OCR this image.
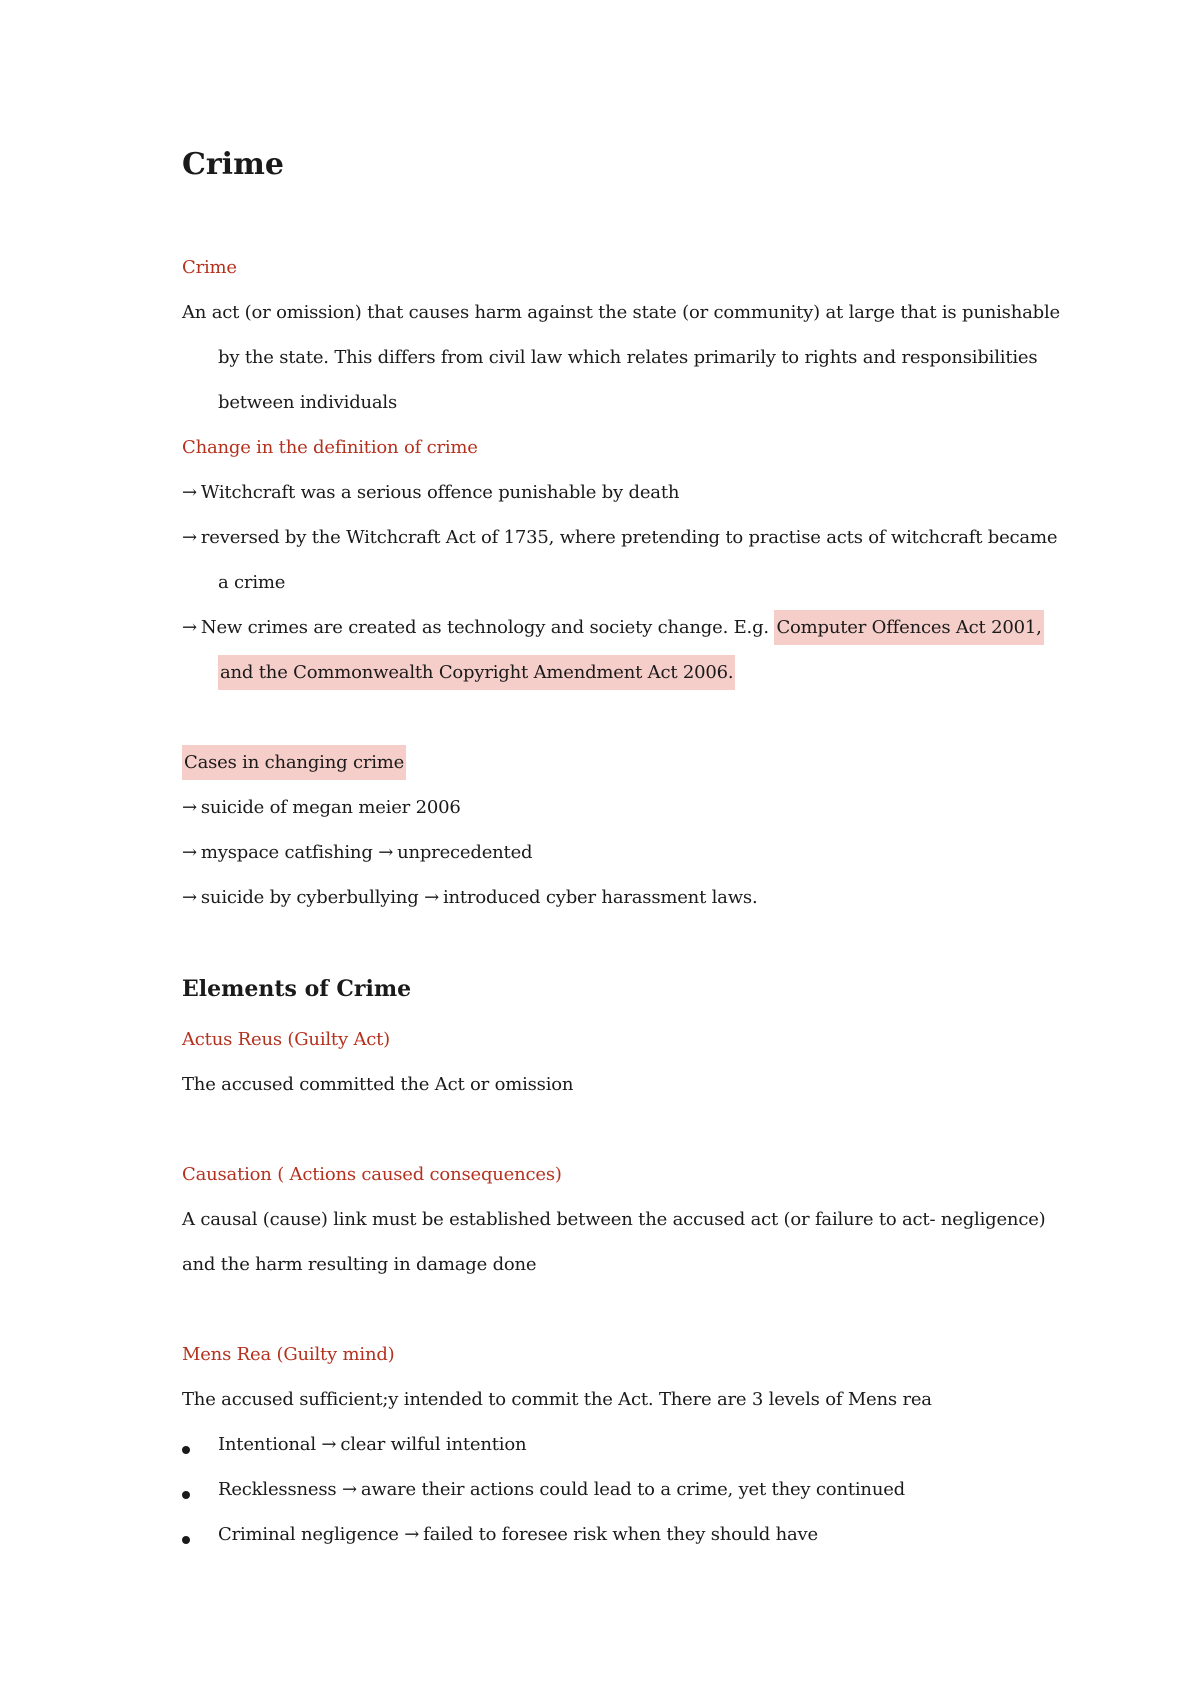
Crime
Crime
An act (or omission) that causes harm against the state (or community) at large that is punishable
by the state. This differs from civil law which relates primarily to rights and responsibilities
between individuals
Change in the definition of crime
→ Witchcraft was a serious offence punishable by death
→ reversed by the Witchcraft Act of 1735, where pretending to practise acts of witchcraft became
a crime
→ New crimes are created as technology and society change. E.g. Computer Offences Act 2001,
and the Commonwealth Copyright Amendment Act 2006.
Cases in changing crime
→ suicide of megan meier 2006
→ myspace catfishing → unprecedented
→ suicide by cyberbullying → introduced cyber harassment laws.
Elements of Crime
Actus Reus (Guilty Act)
The accused committed the Act or omission
Causation ( Actions caused consequences)
A causal (cause) link must be established between the accused act (or failure to act- negligence)
and the harm resulting in damage done
Mens Rea (Guilty mind)
The accused sufficient;y intended to commit the Act. There are 3 levels of Mens rea
Intentional → clear wilful intention
Recklessness → aware their actions could lead to a crime, yet they continued
Criminal negligence → failed to foresee risk when they should have
